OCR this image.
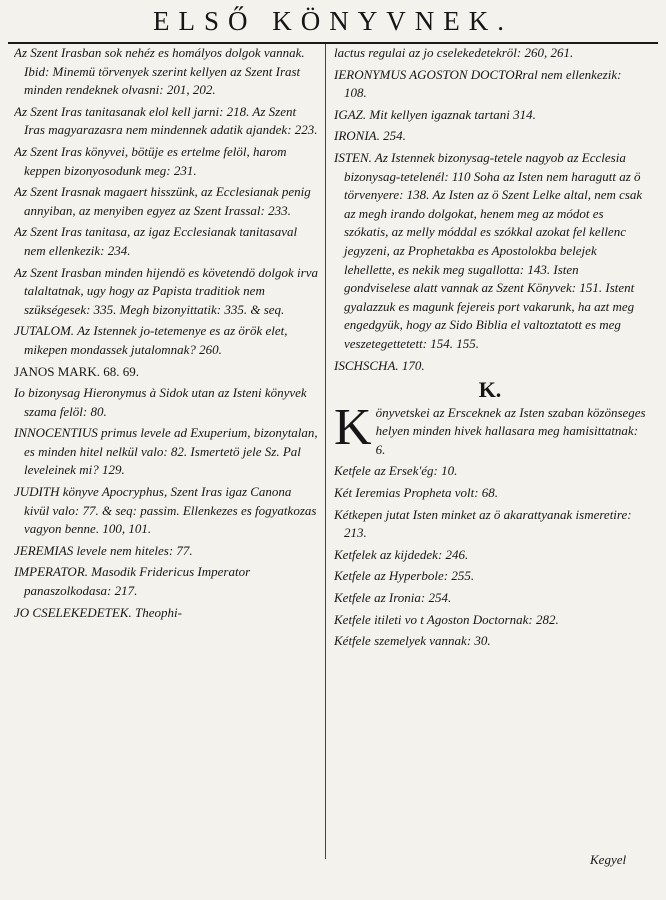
ELSŐ KÖNYVNEK.

Az Szent Irasban sok nehéz es homályos dolgok vannak. Ibid: Minemü törvenyek szerint kellyen az Szent Irast minden rendeknek olvasni: 201, 202.

Az Szent Iras tanitasanak elol kell jarni: 218. Az Szent Iras magyarazasra nem mindennek adatik ajandek: 223.

Az Szent Iras könyvei, bötüje es ertelme felöl, harom keppen bizonyosodunk meg: 231.

Az Szent Irasnak magaert hisszünk, az Ecclesianak penig annyiban, az menyiben egyez az Szent Irassal: 233.

Az Szent Iras tanitasa, az igaz Ecclesianak tanitasaval nem ellenkezik: 234.

Az Szent Irasban minden hijendö es követendö dolgok irva talaltatnak, ugy hogy az Papista traditiok nem szükségesek: 335. Megh bizonyittatik: 335. & seq.

JUTALOM. Az Istennek jo-tetemenye es az örök elet, mikepen mondassek jutalomnak? 260.

JANOS MARK. 68. 69.

Io bizonysag Hieronymus à Sidok utan az Isteni könyvek szama felöl: 80.

INNOCENTIUS primus levele ad Exuperium, bizonytalan, es minden hitel nelkül valo: 82. Ismertetö jele Sz. Pal leveleinek mi? 129.

JUDITH könyve Apocryphus, Szent Iras igaz Canona kivül valo: 77. & seq: passim. Ellenkezes es fogyatkozas vagyon benne. 100, 101.

JEREMIAS levele nem hiteles: 77.

IMPERATOR. Masodik Fridericus Imperator panaszolkodasa: 217.

JO CSELEKEDETEK. Theophi-

lactus regulai az jo cselekedetekröl: 260, 261.

IERONYMUS AGOSTON DOCTORral nem ellenkezik: 108.

IGAZ. Mit kellyen igaznak tartani 314.

IRONIA. 254.

ISTEN. Az Istennek bizonysag-tetele nagyob az Ecclesia bizonysag-tetelenél: 110 Soha az Isten nem haragutt az ö törvenyere: 138. Az Isten az ö Szent Lelke altal, nem csak az megh irando dolgokat, henem meg az módot es szókatis, az melly móddal es szókkal azokat fel kellenc jegyzeni, az Prophetakba es Apostolokba belejek lehellette, es nekik meg sugallotta: 143. Isten gondviselese alatt vannak az Szent Könyvek: 151. Istent gyalazzuk es magunk fejereis port vakarunk, ha azt meg engedgyük, hogy az Sido Biblia el valtoztatott es meg veszetegettetett: 154. 155.

ISCHSCHA. 170.

K.

Könyvetskei az Ersceknek az Isten szaban közönseges helyen minden hivek hallasara meg hamisittatnak: 6.

Ketfele az Ersek'ég: 10.

Két Ieremias Propheta volt: 68.

Kétkepen jutat Isten minket az ö akarattyanak ismeretire: 213.

Ketfelek az kijdedek: 246.

Ketfele az Hyperbole: 255.

Ketfele az Ironia: 254.

Ketfele itileti vo t Agoston Doctornak: 282.

Kétfele szemelyek vannak: 30.

Kegyel
